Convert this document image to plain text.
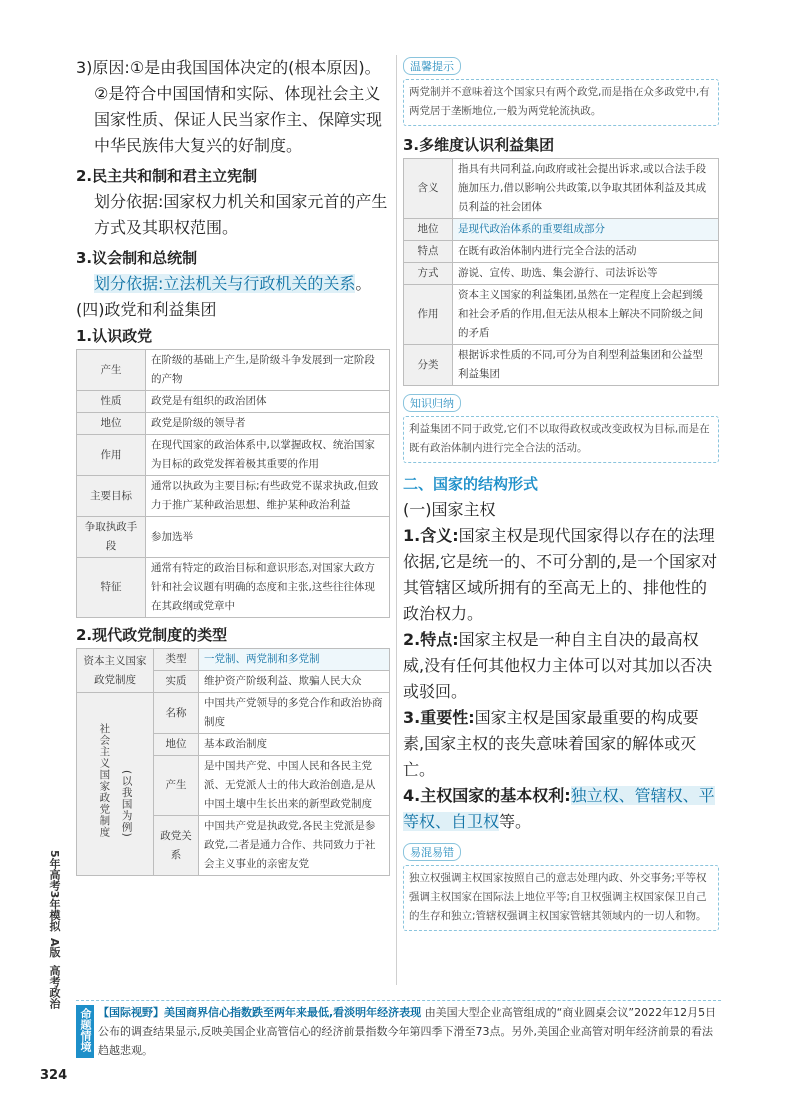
3)原因:①是由我国国体决定的(根本原因)。

②是符合中国国情和实际、体现社会主义国家性质、保证人民当家作主、保障实现中华民族伟大复兴的好制度。

2.民主共和制和君主立宪制

划分依据:国家权力机关和国家元首的产生方式及其职权范围。

3.议会制和总统制

划分依据:立法机关与行政机关的关系。

(四)政党和利益集团

1.认识政党

产生	在阶级的基础上产生,是阶级斗争发展到一定阶段的产物
性质	政党是有组织的政治团体
地位	政党是阶级的领导者
作用	在现代国家的政治体系中,以掌握政权、统治国家为目标的政党发挥着极其重要的作用
主要目标	通常以执政为主要目标;有些政党不谋求执政,但致力于推广某种政治思想、维护某种政治利益
争取执政手段	参加选举
特征	通常有特定的政治目标和意识形态,对国家大政方针和社会议题有明确的态度和主张,这些往往体现在其政纲或党章中

2.现代政党制度的类型

资本主义国家政党制度	类型	一党制、两党制和多党制
	实质	维护资产阶级利益、欺骗人民大众
社会主义国家政党制度 (以我国为例)	名称	中国共产党领导的多党合作和政治协商制度
	地位	基本政治制度
	产生	是中国共产党、中国人民和各民主党派、无党派人士的伟大政治创造,是从中国土壤中生长出来的新型政党制度
	政党关系	中国共产党是执政党,各民主党派是参政党,二者是通力合作、共同致力于社会主义事业的亲密友党
温馨提示
两党制并不意味着这个国家只有两个政党,而是指在众多政党中,有两党居于垄断地位,一般为两党轮流执政。

3.多维度认识利益集团

含义	指具有共同利益,向政府或社会提出诉求,或以合法手段施加压力,借以影响公共政策,以争取其团体利益及其成员利益的社会团体
地位	是现代政治体系的重要组成部分
特点	在既有政治体制内进行完全合法的活动
方式	游说、宣传、助选、集会游行、司法诉讼等
作用	资本主义国家的利益集团,虽然在一定程度上会起到缓和社会矛盾的作用,但无法从根本上解决不同阶级之间的矛盾
分类	根据诉求性质的不同,可分为自利型利益集团和公益型利益集团
知识归纳
利益集团不同于政党,它们不以取得政权或改变政权为目标,而是在既有政治体制内进行完全合法的活动。

二、国家的结构形式

(一)国家主权

1.含义:国家主权是现代国家得以存在的法理依据,它是统一的、不可分割的,是一个国家对其管辖区域所拥有的至高无上的、排他性的政治权力。

2.特点:国家主权是一种自主自决的最高权威,没有任何其他权力主体可以对其加以否决或驳回。

3.重要性:国家主权是国家最重要的构成要素,国家主权的丧失意味着国家的解体或灭亡。

4.主权国家的基本权利:独立权、管辖权、平等权、自卫权等。

易混易错
独立权强调主权国家按照自己的意志处理内政、外交事务;平等权强调主权国家在国际法上地位平等;自卫权强调主权国家保卫自己的生存和独立;管辖权强调主权国家管辖其领域内的一切人和物。
5年高考3年模拟
A版
高考政治
324
命题情境 【国际视野】美国商界信心指数跌至两年来最低,看淡明年经济表现 由美国大型企业高管组成的“商业圆桌会议”2022年12月5日公布的调查结果显示,反映美国企业高管信心的经济前景指数今年第四季下滑至73点。另外,美国企业高管对明年经济前景的看法趋越悲观。
